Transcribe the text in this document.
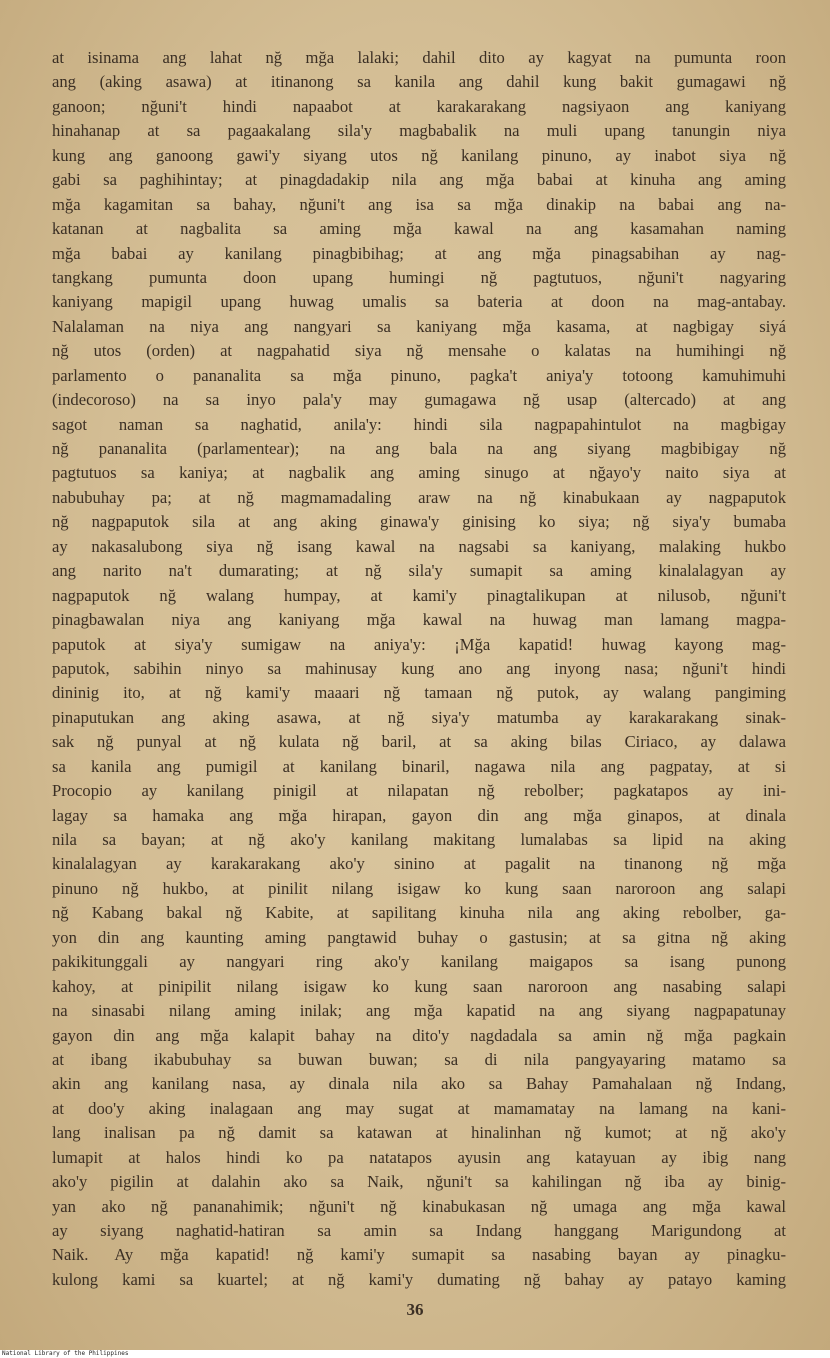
at isinama ang lahat nğ mğa lalaki; dahil dito ay kagyat na pumunta roon
ang (aking asawa) at itinanong sa kanila ang dahil kung bakit gumagawi nğ
ganoon; nğuni't hindi napaabot at karakarakang nagsiyaon ang kaniyang
hinahanap at sa pagaakalang sila'y magbabalik na muli upang tanungin niya
kung ang ganoong gawi'y siyang utos nğ kanilang pinuno, ay inabot siya nğ
gabi sa paghihintay; at pinagdadakip nila ang mğa babai at kinuha ang aming
mğa kagamitan sa bahay, nğuni't ang isa sa mğa dinakip na babai ang na-
katanan at nagbalita sa aming mğa kawal na ang kasamahan naming
mğa babai ay kanilang pinagbibihag; at ang mğa pinagsabihan ay nag-
tangkang pumunta doon upang humingi nğ pagtutuos, nğuni't nagyaring
kaniyang mapigil upang huwag umalis sa bateria at doon na mag-antabay.
Nalalaman na niya ang nangyari sa kaniyang mğa kasama, at nagbigay siyá
nğ utos (orden) at nagpahatid siya nğ mensahe o kalatas na humihingi nğ
parlamento o pananalita sa mğa pinuno, pagka't aniya'y totoong kamuhimuhi
(indecoroso) na sa inyo pala'y may gumagawa nğ usap (altercado) at ang
sagot naman sa naghatid, anila'y: hindi sila nagpapahintulot na magbigay
nğ pananalita (parlamentear); na ang bala na ang siyang magbibigay nğ
pagtutuos sa kaniya; at nagbalik ang aming sinugo at nğayo'y naito siya at
nabubuhay pa; at nğ magmamadaling araw na nğ kinabukaan ay nagpaputok
nğ nagpaputok sila at ang aking ginawa'y ginising ko siya; nğ siya'y bumaba
ay nakasalubong siya nğ isang kawal na nagsabi sa kaniyang, malaking hukbo
ang narito na't dumarating; at nğ sila'y sumapit sa aming kinalalagyan ay
nagpaputok nğ walang humpay, at kami'y pinagtalikupan at nilusob, nğuni't
pinagbawalan niya ang kaniyang mğa kawal na huwag man lamang magpa-
paputok at siya'y sumigaw na aniya'y: ¡Mğa kapatid! huwag kayong mag-
paputok, sabihin ninyo sa mahinusay kung ano ang inyong nasa; nğuni't hindi
dininig ito, at nğ kami'y maaari nğ tamaan nğ putok, ay walang pangiming
pinaputukan ang aking asawa, at nğ siya'y matumba ay karakarakang sinak-
sak nğ punyal at nğ kulata nğ baril, at sa aking bilas Ciriaco, ay dalawa
sa kanila ang pumigil at kanilang binaril, nagawa nila ang pagpatay, at si
Procopio ay kanilang pinigil at nilapatan nğ rebolber; pagkatapos ay ini-
lagay sa hamaka ang mğa hirapan, gayon din ang mğa ginapos, at dinala
nila sa bayan; at nğ ako'y kanilang makitang lumalabas sa lipid na aking
kinalalagyan ay karakarakang ako'y sinino at pagalit na tinanong nğ mğa
pinuno nğ hukbo, at pinilit nilang isigaw ko kung saan naroroon ang salapi
nğ Kabang bakal nğ Kabite, at sapilitang kinuha nila ang aking rebolber, ga-
yon din ang kaunting aming pangtawid buhay o gastusin; at sa gitna nğ aking
pakikitunggali ay nangyari ring ako'y kanilang maigapos sa isang punong
kahoy, at pinipilit nilang isigaw ko kung saan naroroon ang nasabing salapi
na sinasabi nilang aming inilak; ang mğa kapatid na ang siyang nagpapatunay
gayon din ang mğa kalapit bahay na dito'y nagdadala sa amin nğ mğa pagkain
at ibang ikabubuhay sa buwan buwan; sa di nila pangyayaring matamo sa
akin ang kanilang nasa, ay dinala nila ako sa Bahay Pamahalaan nğ Indang,
at doo'y aking inalagaan ang may sugat at mamamatay na lamang na kani-
lang inalisan pa nğ damit sa katawan at hinalinhan nğ kumot; at nğ ako'y
lumapit at halos hindi ko pa natatapos ayusin ang katayuan ay ibig nang
ako'y pigilin at dalahin ako sa Naik, nğuni't sa kahilingan nğ iba ay binig-
yan ako nğ pananahimik; nğuni't nğ kinabukasan nğ umaga ang mğa kawal
ay siyang naghatid-hatiran sa amin sa Indang hanggang Marigundong at
Naik. Ay mğa kapatid! nğ kami'y sumapit sa nasabing bayan ay pinagku-
kulong kami sa kuartel; at nğ kami'y dumating nğ bahay ay patayo kaming
36
National Library of the Philippines
